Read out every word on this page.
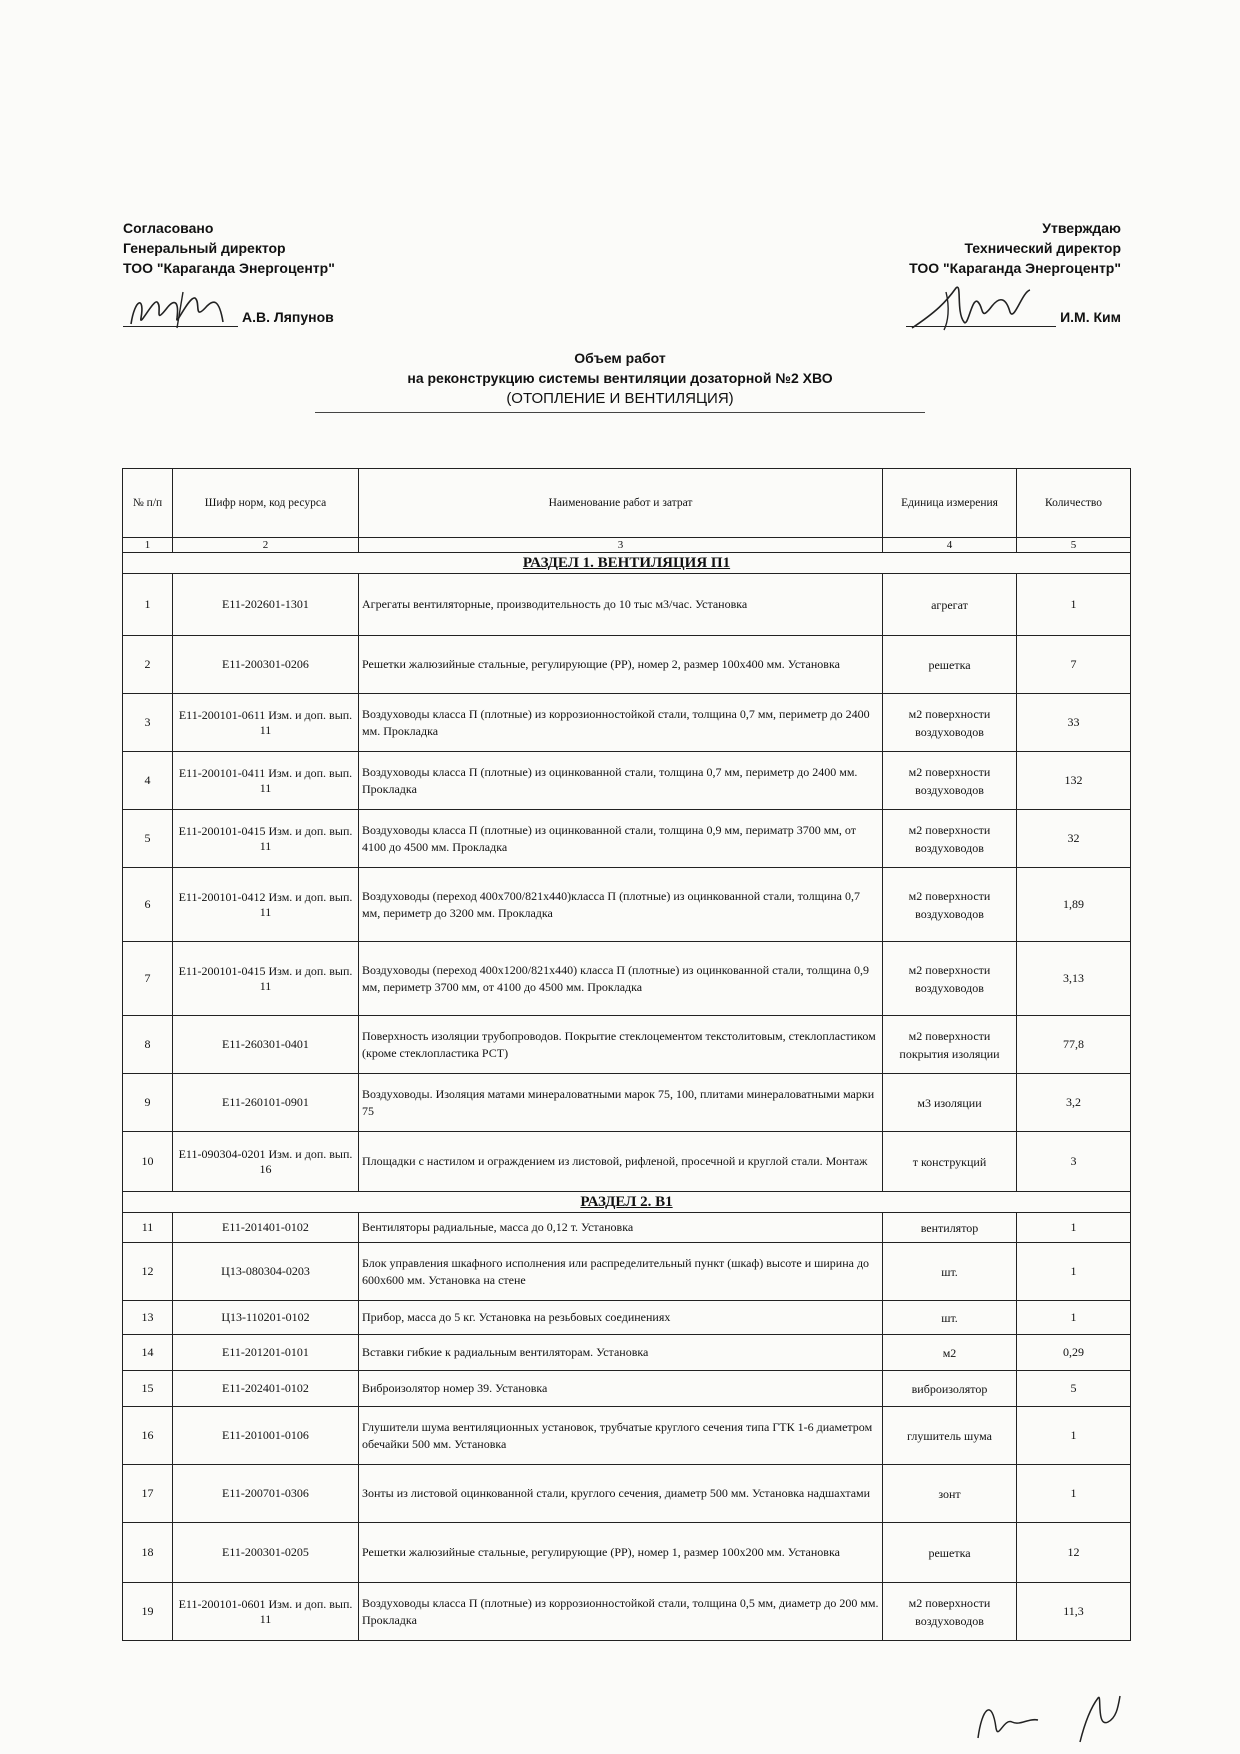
Согласовано
Генеральный директор
ТОО "Караганда Энергоцентр"
А.В. Ляпунов
Утверждаю
Технический директор
ТОО "Караганда Энергоцентр"
И.М. Ким
Объем работ
на реконструкцию системы вентиляции дозаторной №2 ХВО
(ОТОПЛЕНИЕ И ВЕНТИЛЯЦИЯ)
№ п/п	Шифр норм, код ресурса	Наименование работ и затрат	Единица измерения	Количество
1	2	3	4	5
РАЗДЕЛ 1. ВЕНТИЛЯЦИЯ П1				
1	Е11-202601-1301	Агрегаты вентиляторные, производительность до 10 тыс м3/час. Установка	агрегат	1
2	Е11-200301-0206	Решетки жалюзийные стальные, регулирующие (РР), номер 2, размер 100х400 мм. Установка	решетка	7
3	Е11-200101-0611 Изм. и доп. вып. 11	Воздуховоды класса П (плотные) из коррозионностойкой стали, толщина 0,7 мм, периметр до 2400 мм. Прокладка	м2 поверхности воздуховодов	33
4	Е11-200101-0411 Изм. и доп. вып. 11	Воздуховоды класса П (плотные) из оцинкованной стали, толщина 0,7 мм, периметр до 2400 мм. Прокладка	м2 поверхности воздуховодов	132
5	Е11-200101-0415 Изм. и доп. вып. 11	Воздуховоды класса П (плотные) из оцинкованной стали, толщина 0,9 мм, периматр 3700 мм, от 4100 до 4500 мм. Прокладка	м2 поверхности воздуховодов	32
6	Е11-200101-0412 Изм. и доп. вып. 11	Воздуховоды (переход 400х700/821х440)класса П (плотные) из оцинкованной стали, толщина 0,7 мм, периметр до 3200 мм. Прокладка	м2 поверхности воздуховодов	1,89
7	Е11-200101-0415 Изм. и доп. вып. 11	Воздуховоды (переход 400х1200/821х440) класса П (плотные) из оцинкованной стали, толщина 0,9 мм, периметр 3700 мм, от 4100 до 4500 мм. Прокладка	м2 поверхности воздуховодов	3,13
8	Е11-260301-0401	Поверхность изоляции трубопроводов. Покрытие стеклоцементом текстолитовым, стеклопластиком (кроме стеклопластика РСТ)	м2 поверхности покрытия изоляции	77,8
9	Е11-260101-0901	Воздуховоды. Изоляция матами минераловатными марок 75, 100, плитами минераловатными марки 75	м3 изоляции	3,2
10	Е11-090304-0201 Изм. и доп. вып. 16	Площадки с настилом и ограждением из листовой, рифленой, просечной и круглой стали. Монтаж	т конструкций	3
РАЗДЕЛ 2. В1				
11	Е11-201401-0102	Вентиляторы радиальные, масса до 0,12 т. Установка	вентилятор	1
12	Ц13-080304-0203	Блок управления шкафного исполнения или распределительный пункт (шкаф) высоте и ширина до 600х600 мм. Установка на стене	шт.	1
13	Ц13-110201-0102	Прибор, масса до 5 кг. Установка на резьбовых соединениях	шт.	1
14	Е11-201201-0101	Вставки гибкие к радиальным вентиляторам. Установка	м2	0,29
15	Е11-202401-0102	Виброизолятор номер 39. Установка	виброизолятор	5
16	Е11-201001-0106	Глушители шума вентиляционных установок, трубчатые круглого сечения типа ГТК 1-6 диаметром обечайки 500 мм. Установка	глушитель шума	1
17	Е11-200701-0306	Зонты из листовой оцинкованной стали, круглого сечения, диаметр 500 мм. Установка надшахтами	зонт	1
18	Е11-200301-0205	Решетки жалюзийные стальные, регулирующие (РР), номер 1, размер 100х200 мм. Установка	решетка	12
19	Е11-200101-0601 Изм. и доп. вып. 11	Воздуховоды класса П (плотные) из коррозионностойкой стали, толщина 0,5 мм, диаметр до 200 мм. Прокладка	м2 поверхности воздуховодов	11,3
